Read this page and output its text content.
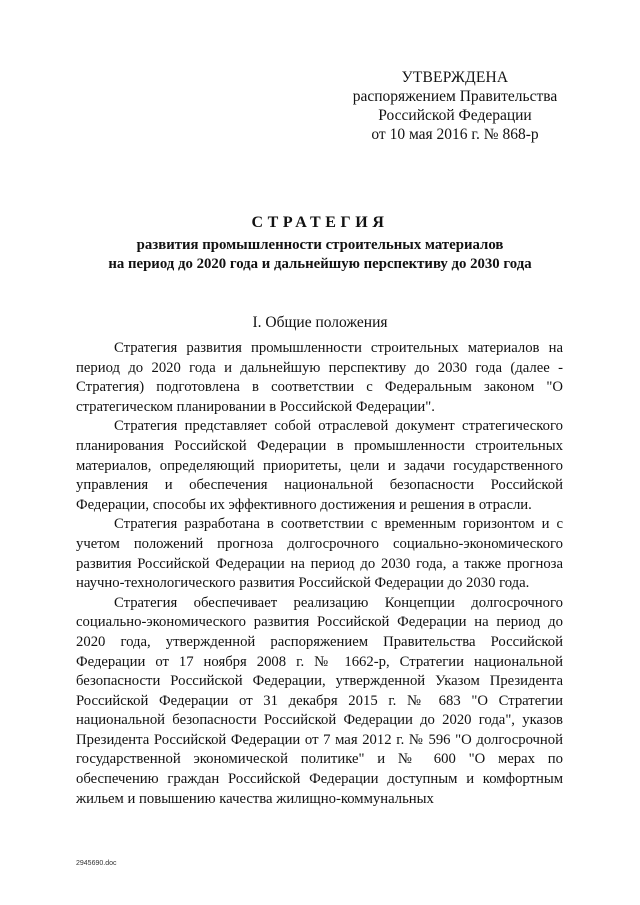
УТВЕРЖДЕНА
распоряжением Правительства
Российской Федерации
от 10 мая 2016 г. № 868-р
СТРАТЕГИЯ
развития промышленности строительных материалов
на период до 2020 года и дальнейшую перспективу до 2030 года
I. Общие положения

Стратегия развития промышленности строительных материалов на период до 2020 года и дальнейшую перспективу до 2030 года (далее - Стратегия) подготовлена в соответствии с Федеральным законом "О стратегическом планировании в Российской Федерации".

Стратегия представляет собой отраслевой документ стратегического планирования Российской Федерации в промышленности строительных материалов, определяющий приоритеты, цели и задачи государственного управления и обеспечения национальной безопасности Российской Федерации, способы их эффективного достижения и решения в отрасли.

Стратегия разработана в соответствии с временным горизонтом и с учетом положений прогноза долгосрочного социально-экономического развития Российской Федерации на период до 2030 года, а также прогноза научно-технологического развития Российской Федерации до 2030 года.

Стратегия обеспечивает реализацию Концепции долгосрочного социально-экономического развития Российской Федерации на период до 2020 года, утвержденной распоряжением Правительства Российской Федерации от 17 ноября 2008 г. № 1662-р, Стратегии национальной безопасности Российской Федерации, утвержденной Указом Президента Российской Федерации от 31 декабря 2015 г. № 683 "О Стратегии национальной безопасности Российской Федерации до 2020 года", указов Президента Российской Федерации от 7 мая 2012 г. № 596 "О долгосрочной государственной экономической политике" и № 600 "О мерах по обеспечению граждан Российской Федерации доступным и комфортным жильем и повышению качества жилищно-коммунальных

2945690.doc
